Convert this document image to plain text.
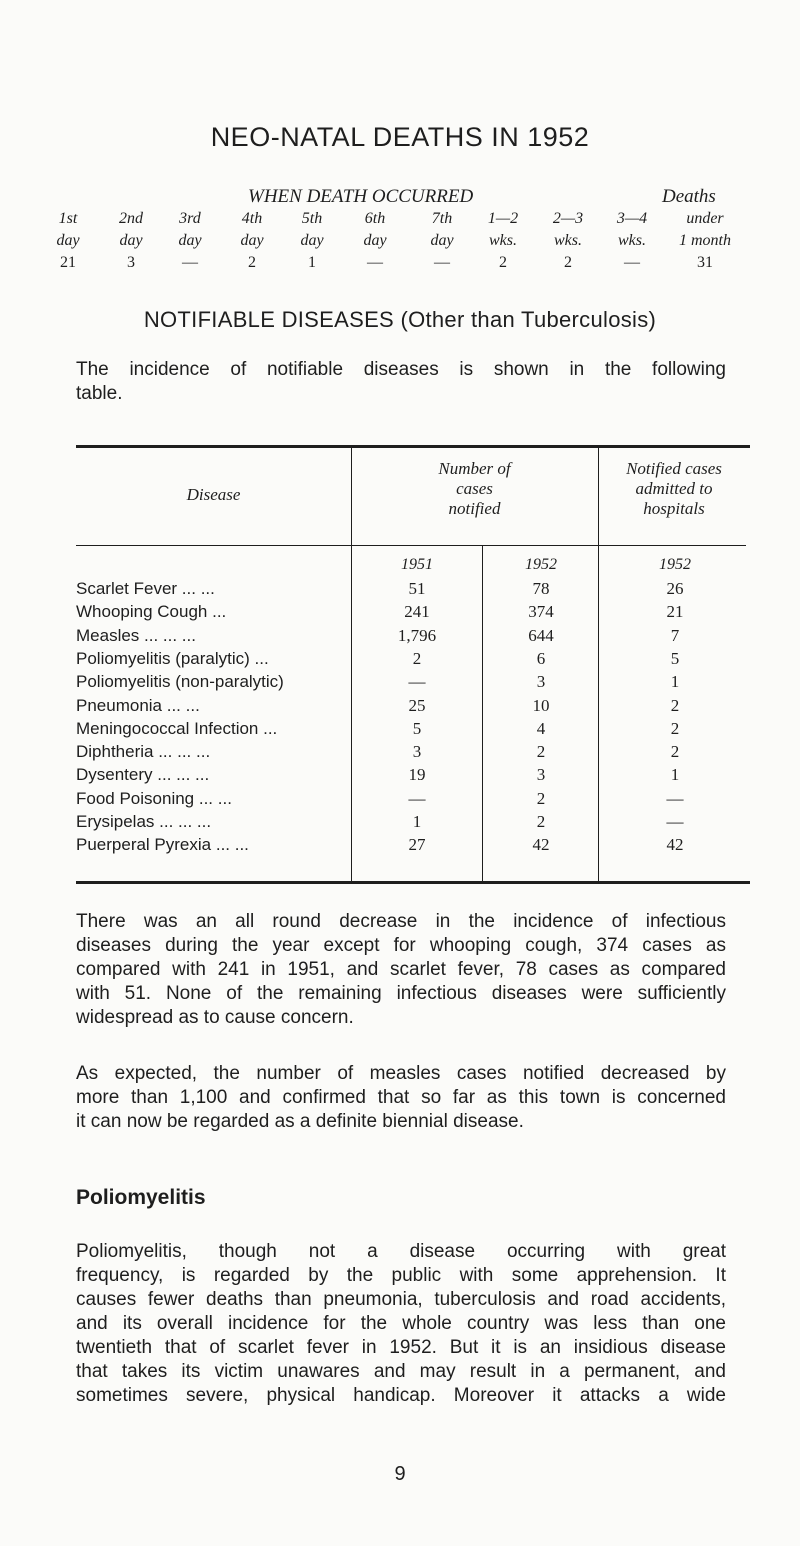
NEO-NATAL DEATHS IN 1952
WHEN DEATH OCCURRED	Deaths
1st	2nd	3rd	4th	5th	6th	7th	1—2	2—3	3—4	under
day	day	day	day	day	day	day	wks.	wks.	wks.	1 month
21	3	—	2	1	—	—	2	2	—	31
NOTIFIABLE DISEASES (Other than Tuberculosis)
The incidence of notifiable diseases is shown in the following
table.
Disease
Number of
cases
notified
Notified cases
admitted to
hospitals
1951	1952	1952
Scarlet Fever ... ...	51	78	26
Whooping Cough ...	241	374	21
Measles ... ... ...	1,796	644	7
Poliomyelitis (paralytic) ...	2	6	5
Poliomyelitis (non-paralytic)	—	3	1
Pneumonia ... ...	25	10	2
Meningococcal Infection ...	5	4	2
Diphtheria ... ... ...	3	2	2
Dysentery ... ... ...	19	3	1
Food Poisoning ... ...	—	2	—
Erysipelas ... ... ...	1	2	—
Puerperal Pyrexia ... ...	27	42	42
There was an all round decrease in the incidence of infectious
diseases during the year except for whooping cough, 374 cases as
compared with 241 in 1951, and scarlet fever, 78 cases as compared
with 51. None of the remaining infectious diseases were sufficiently
widespread as to cause concern.
As expected, the number of measles cases notified decreased by
more than 1,100 and confirmed that so far as this town is concerned
it can now be regarded as a definite biennial disease.
Poliomyelitis
Poliomyelitis, though not a disease occurring with great
frequency, is regarded by the public with some apprehension. It
causes fewer deaths than pneumonia, tuberculosis and road accidents,
and its overall incidence for the whole country was less than one
twentieth that of scarlet fever in 1952. But it is an insidious disease
that takes its victim unawares and may result in a permanent, and
sometimes severe, physical handicap. Moreover it attacks a wide
9
